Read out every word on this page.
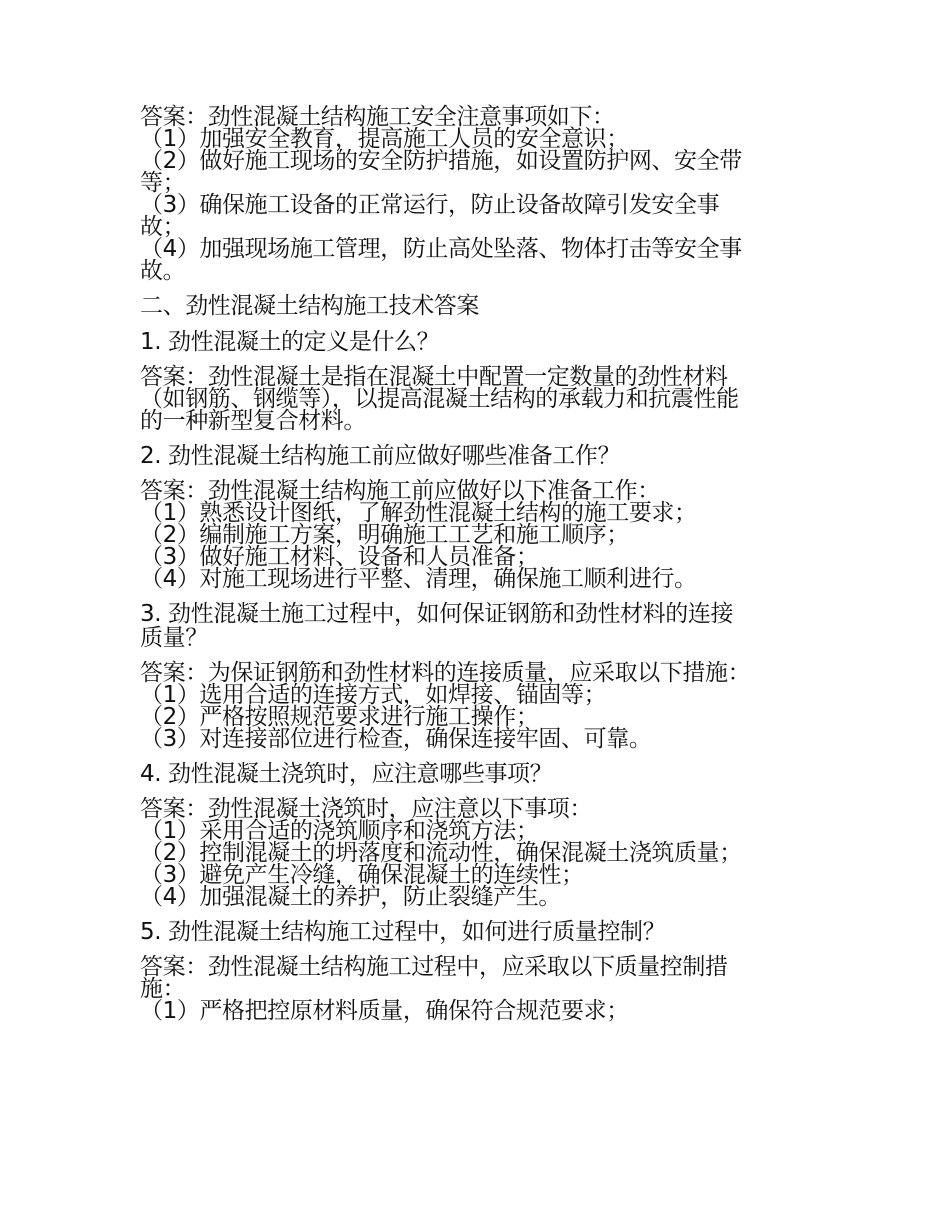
答案：劲性混凝土结构施工安全注意事项如下：
（1）加强安全教育，提高施工人员的安全意识；
（2）做好施工现场的安全防护措施，如设置防护网、安全带
等；
（3）确保施工设备的正常运行，防止设备故障引发安全事
故；
（4）加强现场施工管理，防止高处坠落、物体打击等安全事
故。
二、劲性混凝土结构施工技术答案
1. 劲性混凝土的定义是什么？
答案：劲性混凝土是指在混凝土中配置一定数量的劲性材料
（如钢筋、钢缆等），以提高混凝土结构的承载力和抗震性能
的一种新型复合材料。
2. 劲性混凝土结构施工前应做好哪些准备工作？
答案：劲性混凝土结构施工前应做好以下准备工作：
（1）熟悉设计图纸，了解劲性混凝土结构的施工要求；
（2）编制施工方案，明确施工工艺和施工顺序；
（3）做好施工材料、设备和人员准备；
（4）对施工现场进行平整、清理，确保施工顺利进行。
3. 劲性混凝土施工过程中，如何保证钢筋和劲性材料的连接
质量？
答案：为保证钢筋和劲性材料的连接质量，应采取以下措施：
（1）选用合适的连接方式，如焊接、锚固等；
（2）严格按照规范要求进行施工操作；
（3）对连接部位进行检查，确保连接牢固、可靠。
4. 劲性混凝土浇筑时，应注意哪些事项？
答案：劲性混凝土浇筑时，应注意以下事项：
（1）采用合适的浇筑顺序和浇筑方法；
（2）控制混凝土的坍落度和流动性，确保混凝土浇筑质量；
（3）避免产生冷缝，确保混凝土的连续性；
（4）加强混凝土的养护，防止裂缝产生。
5. 劲性混凝土结构施工过程中，如何进行质量控制？
答案：劲性混凝土结构施工过程中，应采取以下质量控制措
施：
（1）严格把控原材料质量，确保符合规范要求；
